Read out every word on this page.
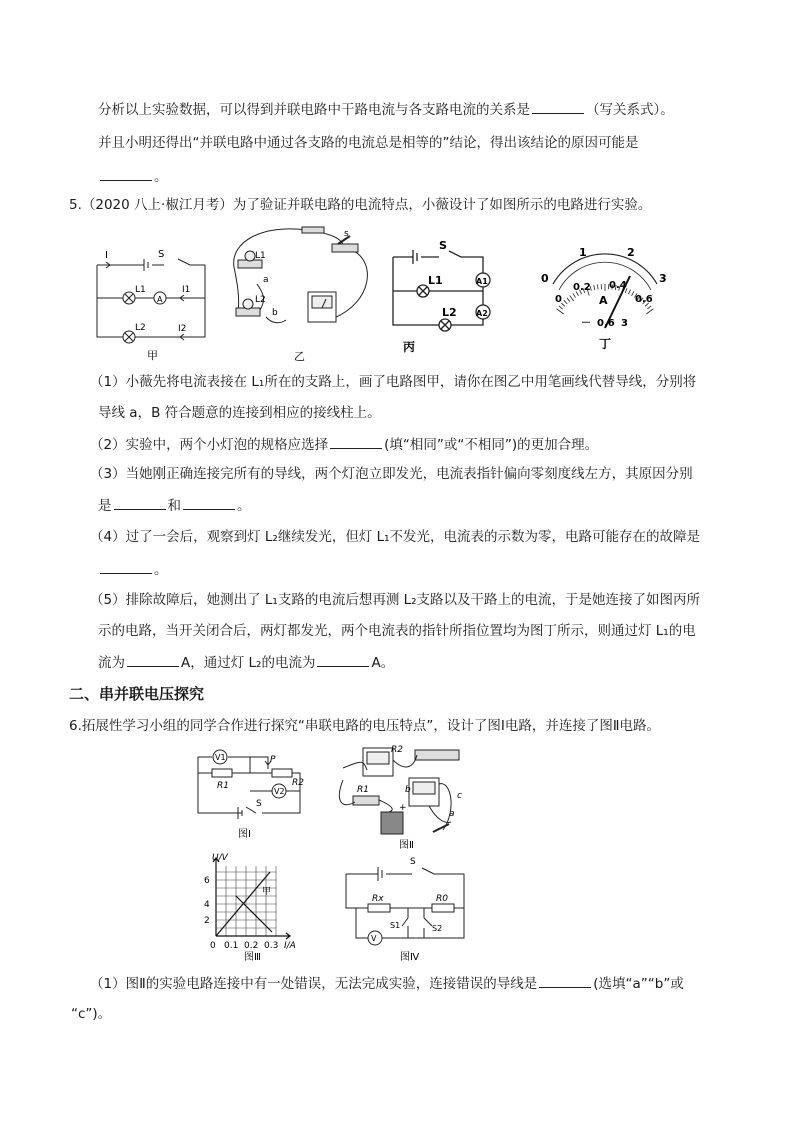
分析以上实验数据，可以得到并联电路中干路电流与各支路电流的关系是	（写关系式）。
并且小明还得出“并联电路中通过各支路的电流总是相等的”结论，得出该结论的原因可能是
。
5.（2020 八上·椒江月考）为了验证并联电路的电流特点，小薇设计了如图所示的电路进行实验。
I	S
L1
A
I1
L2	I2
甲
L1
L2
a
b
s
乙
S
L1
L2
A1
A2
丙
1	2
0	3
0
0.2 0.4
0.6
A
－ 0.6 3
丁
（1）小薇先将电流表接在 L₁所在的支路上，画了电路图甲，请你在图乙中用笔画线代替导线，分别将
导线 a，B 符合题意的连接到相应的接线柱上。
（2）实验中，两个小灯泡的规格应选择	(填“相同”或“不相同”)的更加合理。
（3）当她刚正确连接完所有的导线，两个灯泡立即发光，电流表指针偏向零刻度线左方，其原因分别
是	和	。
（4）过了一会后，观察到灯 L₂继续发光，但灯 L₁不发光，电流表的示数为零，电路可能存在的故障是
。
（5）排除故障后，她测出了 L₁支路的电流后想再测 L₂支路以及干路上的电流，于是她连接了如图丙所
示的电路，当开关闭合后，两灯都发光，两个电流表的指针所指位置均为图丁所示，则通过灯 L₁的电
流为	A，通过灯 L₂的电流为	A。
二、串并联电压探究
6.拓展性学习小组的同学合作进行探究“串联电路的电压特点”，设计了图Ⅰ电路，并连接了图Ⅱ电路。
V1
V2
R1	R2
P
S
图Ⅰ
R2
R1
a
b
c
+
图Ⅱ
U/V
I/A
6
4
2
0 0.1 0.2 0.3
甲
图Ⅲ
S
Rx	R0
S1	S2
V
图Ⅳ
（1）图Ⅱ的实验电路连接中有一处错误，无法完成实验，连接错误的导线是	(选填“a”“b”或
“c”)。
